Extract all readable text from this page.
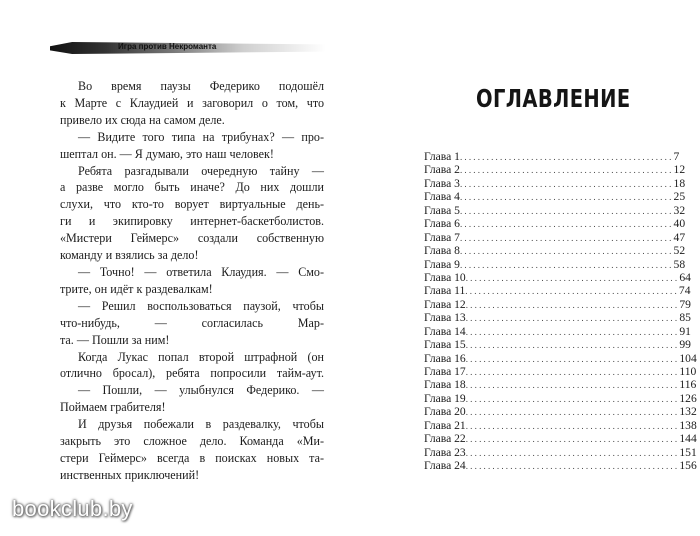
Игра против Некроманта
Во время паузы Федерико подошёл
к Марте с Клаудией и заговорил о том, что
привело их сюда на самом деле.
— Видите того типа на трибунах? — про-
шептал он. — Я думаю, это наш человек!
Ребята разгадывали очередную тайну —
а разве могло быть иначе? До них дошли
слухи, что кто-то ворует виртуальные день-
ги и экипировку интернет-баскетболистов.
«Мистери Геймерс» создали собственную
команду и взялись за дело!
— Точно! — ответила Клаудия. — Смо-
трите, он идёт к раздевалкам!
— Решил воспользоваться паузой, чтобы
что-нибудь, — согласилась Мар-
та. — Пошли за ним!
Когда Лукас попал второй штрафной (он
отлично бросал), ребята попросили тайм-аут.
— Пошли, — улыбнулся Федерико. —
Поймаем грабителя!
И друзья побежали в раздевалку, чтобы
закрыть это сложное дело. Команда «Ми-
стери Геймерс» всегда в поисках новых та-
инственных приключений!
ОГЛАВЛЕНИЕ
Глава 1 ................................................ 7
Глава 2 ................................................ 12
Глава 3 ................................................ 18
Глава 4 ................................................ 25
Глава 5 ................................................ 32
Глава 6 ................................................ 40
Глава 7 ................................................ 47
Глава 8 ................................................ 52
Глава 9 ................................................ 58
Глава 10 ................................................ 64
Глава 11 ................................................ 74
Глава 12 ................................................ 79
Глава 13 ................................................ 85
Глава 14 ................................................ 91
Глава 15 ................................................ 99
Глава 16 ................................................ 104
Глава 17 ................................................ 110
Глава 18 ................................................ 116
Глава 19 ................................................ 126
Глава 20 ................................................ 132
Глава 21 ................................................ 138
Глава 22 ................................................ 144
Глава 23 ................................................ 151
Глава 24 ................................................ 156
bookclub.by
